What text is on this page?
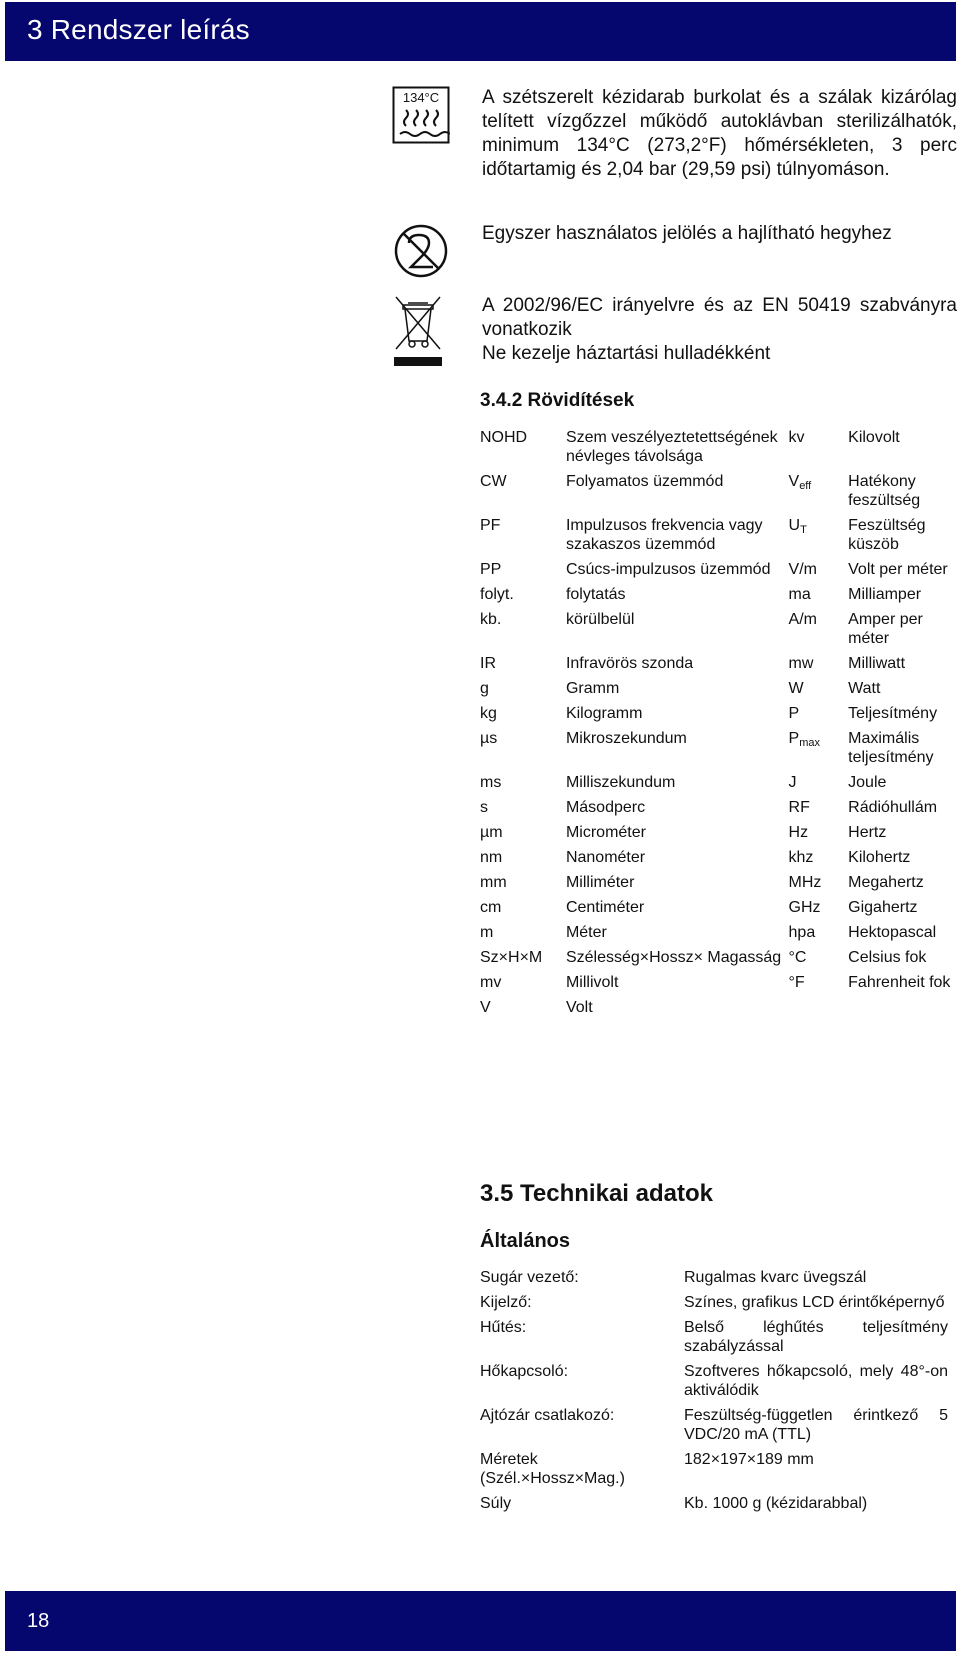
3 Rendszer leírás
134°C A szétszerelt kézidarab burkolat és a szálak kizárólag telített vízgőzzel működő autoklávban sterilizálhatók, minimum 134°C (273,2°F) hőmérsékleten, 3 perc időtartamig és 2,04 bar (29,59 psi) túlnyomáson.
Egyszer használatos jelölés a hajlítható hegyhez
A 2002/96/EC irányelvre és az EN 50419 szabványra vonatkozik
Ne kezelje háztartási hulladékként
3.4.2 Rövidítések
NOHD	Szem veszélyeztetettségének névleges távolsága	kv	Kilovolt
CW	Folyamatos üzemmód	$V_{eff}$	Hatékony feszültség
PF	Impulzusos frekvencia vagy szakaszos üzemmód	$U_T$	Feszültség küszöb
PP	Csúcs-impulzusos üzemmód	V/m	Volt per méter
folyt.	folytatás	ma	Milliamper
kb.	körülbelül	A/m	Amper per méter
IR	Infravörös szonda	mw	Milliwatt
g	Gramm	W	Watt
kg	Kilogramm	P	Teljesítmény
µs	Mikroszekundum	$P_{max}$	Maximális teljesítmény
ms	Milliszekundum	J	Joule
s	Másodperc	RF	Rádióhullám
µm	Microméter	Hz	Hertz
nm	Nanométer	khz	Kilohertz
mm	Milliméter	MHz	Megahertz
cm	Centiméter	GHz	Gigahertz
m	Méter	hpa	Hektopascal
Sz×H×M	Szélesség×Hossz× Magasság	°C	Celsius fok
mv	Millivolt	°F	Fahrenheit fok
V	Volt		
3.5 Technikai adatok
Általános
Sugár vezető:	Rugalmas kvarc üvegszál
Kijelző:	Színes, grafikus LCD érintőképernyő
Hűtés:	Belső léghűtés teljesítmény szabályzással
Hőkapcsoló:	Szoftveres hőkapcsoló, mely 48°-on aktiválódik
Ajtózár csatlakozó:	Feszültség-független érintkező 5 VDC/20 mA (TTL)
Méretek (Szél.×Hossz×Mag.)	182×197×189 mm
Súly	Kb. 1000 g (kézidarabbal)
18
